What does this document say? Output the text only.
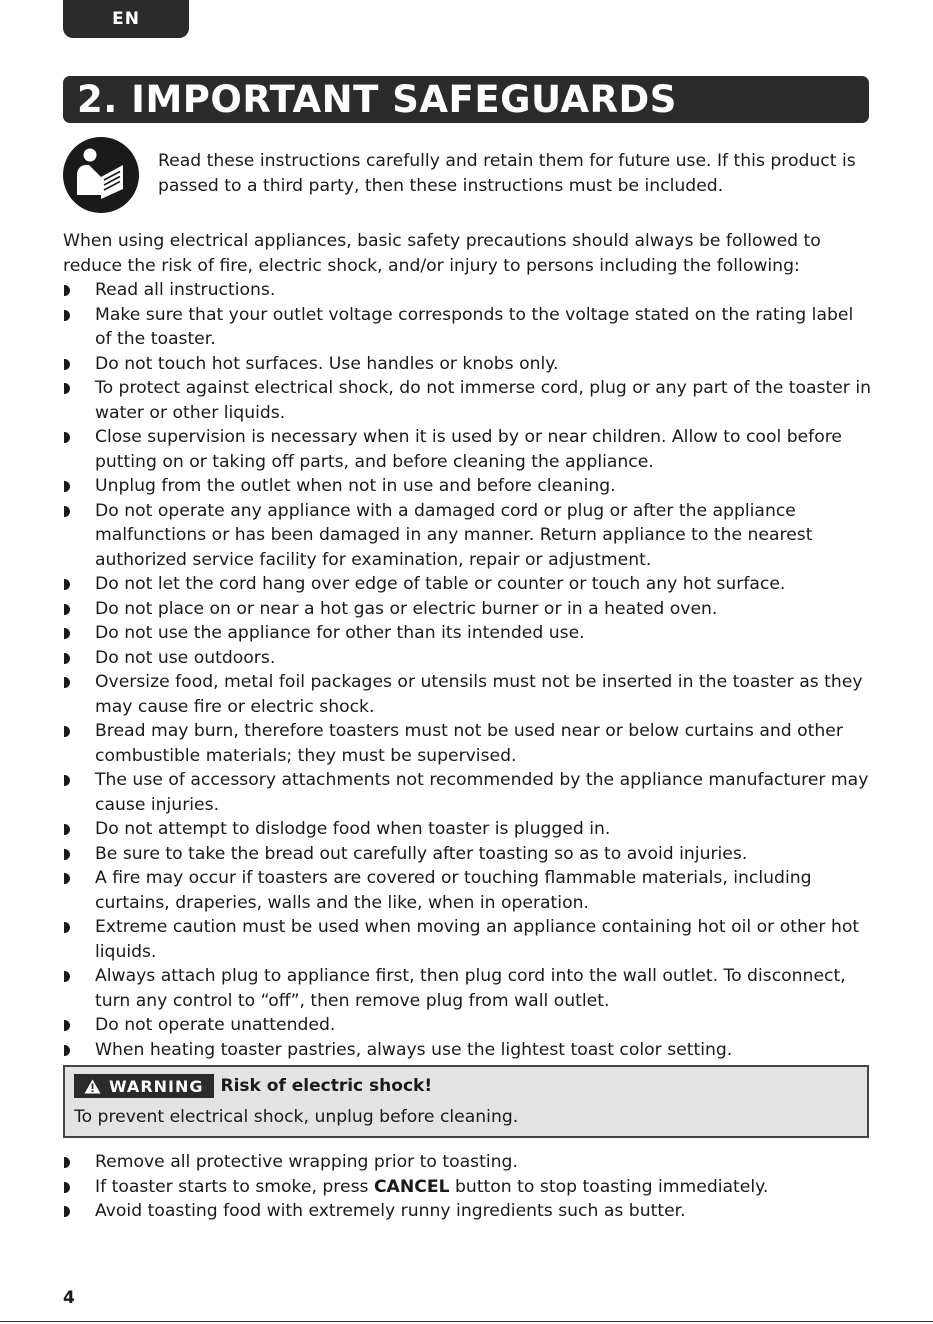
EN
2. IMPORTANT SAFEGUARDS
Read these instructions carefully and retain them for future use. If this product is passed to a third party, then these instructions must be included.
When using electrical appliances, basic safety precautions should always be followed to reduce the risk of fire, electric shock, and/or injury to persons including the following:
Read all instructions.
Make sure that your outlet voltage corresponds to the voltage stated on the rating label of the toaster.
Do not touch hot surfaces. Use handles or knobs only.
To protect against electrical shock, do not immerse cord, plug or any part of the toaster in water or other liquids.
Close supervision is necessary when it is used by or near children. Allow to cool before putting on or taking off parts, and before cleaning the appliance.
Unplug from the outlet when not in use and before cleaning.
Do not operate any appliance with a damaged cord or plug or after the appliance malfunctions or has been damaged in any manner. Return appliance to the nearest authorized service facility for examination, repair or adjustment.
Do not let the cord hang over edge of table or counter or touch any hot surface.
Do not place on or near a hot gas or electric burner or in a heated oven.
Do not use the appliance for other than its intended use.
Do not use outdoors.
Oversize food, metal foil packages or utensils must not be inserted in the toaster as they may cause fire or electric shock.
Bread may burn, therefore toasters must not be used near or below curtains and other combustible materials; they must be supervised.
The use of accessory attachments not recommended by the appliance manufacturer may cause injuries.
Do not attempt to dislodge food when toaster is plugged in.
Be sure to take the bread out carefully after toasting so as to avoid injuries.
A fire may occur if toasters are covered or touching flammable materials, including curtains, draperies, walls and the like, when in operation.
Extreme caution must be used when moving an appliance containing hot oil or other hot liquids.
Always attach plug to appliance first, then plug cord into the wall outlet. To disconnect, turn any control to “off”, then remove plug from wall outlet.
Do not operate unattended.
When heating toaster pastries, always use the lightest toast color setting.
WARNING Risk of electric shock!
To prevent electrical shock, unplug before cleaning.
Remove all protective wrapping prior to toasting.
If toaster starts to smoke, press CANCEL button to stop toasting immediately.
Avoid toasting food with extremely runny ingredients such as butter.
4
